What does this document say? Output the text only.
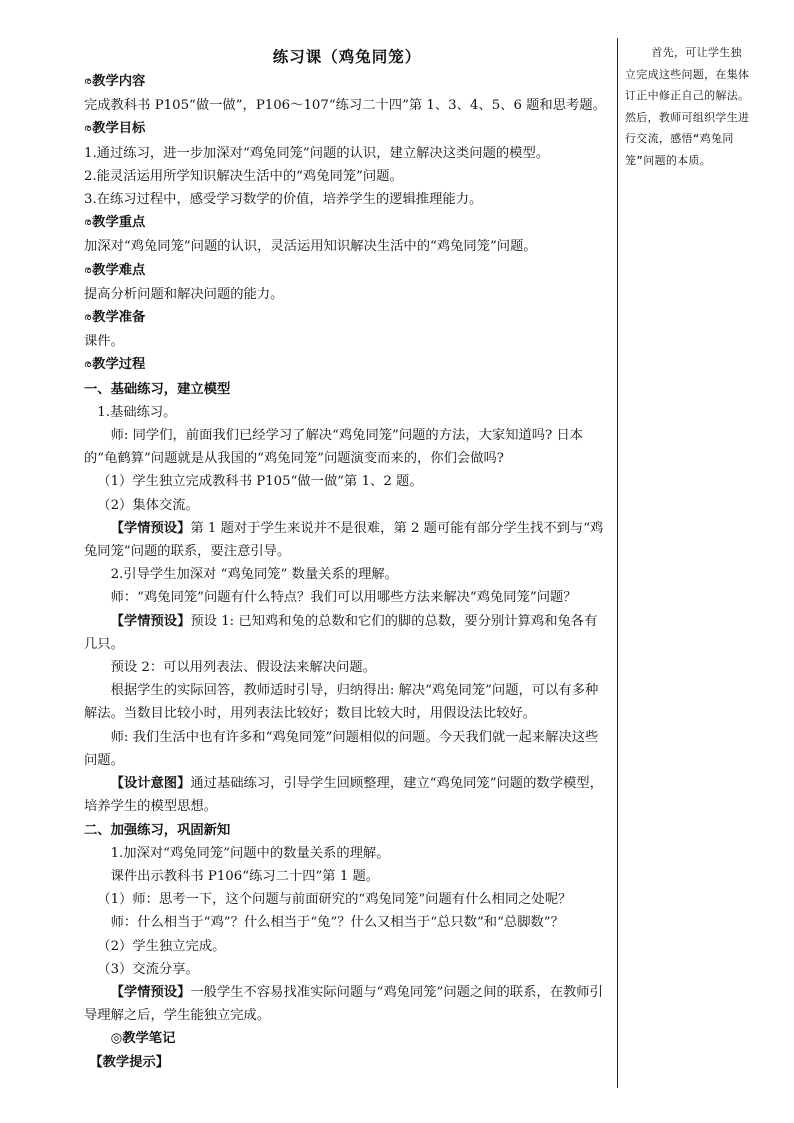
练习课（鸡兔同笼）
ര教学内容

完成教科书 P105“做一做”，P106～107“练习二十四”第 1、3、4、5、6 题和思考题。

ര教学目标

1.通过练习，进一步加深对“鸡兔同笼”问题的认识，建立解决这类问题的模型。

2.能灵活运用所学知识解决生活中的“鸡兔同笼”问题。

3.在练习过程中，感受学习数学的价值，培养学生的逻辑推理能力。

ര教学重点

加深对“鸡兔同笼”问题的认识，灵活运用知识解决生活中的“鸡兔同笼”问题。

ര教学难点

提高分析问题和解决问题的能力。

ര教学准备

课件。

ര教学过程

一、基础练习，建立模型

1.基础练习。

师: 同学们，前面我们已经学习了解决“鸡兔同笼”问题的方法，大家知道吗? 日本的“龟鹤算”问题就是从我国的“鸡兔同笼”问题演变而来的，你们会做吗?

（1）学生独立完成教科书 P105“做一做”第 1、2 题。

（2）集体交流。

【学情预设】第 1 题对于学生来说并不是很难，第 2 题可能有部分学生找不到与“鸡兔同笼”问题的联系，要注意引导。

2.引导学生加深对 “鸡兔同笼” 数量关系的理解。

师：“鸡兔同笼”问题有什么特点？我们可以用哪些方法来解决“鸡兔同笼”问题？

【学情预设】预设 1: 已知鸡和兔的总数和它们的脚的总数，要分别计算鸡和兔各有几只。

预设 2：可以用列表法、假设法来解决问题。

根据学生的实际回答，教师适时引导，归纳得出: 解决“鸡兔同笼”问题，可以有多种解法。当数目比较小时，用列表法比较好；数目比较大时，用假设法比较好。

师: 我们生活中也有许多和“鸡兔同笼”问题相似的问题。今天我们就一起来解决这些问题。

【设计意图】通过基础练习，引导学生回顾整理，建立“鸡兔同笼”问题的数学模型，培养学生的模型思想。

二、加强练习，巩固新知

1.加深对“鸡兔同笼”问题中的数量关系的理解。

课件出示教科书 P106“练习二十四”第 1 题。

（1）师：思考一下，这个问题与前面研究的“鸡兔同笼”问题有什么相同之处呢？

师：什么相当于“鸡”？什么相当于“兔”？什么又相当于“总只数”和“总脚数”？

（2）学生独立完成。

（3）交流分享。

【学情预设】一般学生不容易找准实际问题与“鸡兔同笼”问题之间的联系，在教师引导理解之后，学生能独立完成。

◎教学笔记

【教学提示】

首先，可让学生独立完成这些问题，在集体订正中修正自己的解法。然后，教师可组织学生进行交流，感悟“鸡兔同笼”问题的本质。
